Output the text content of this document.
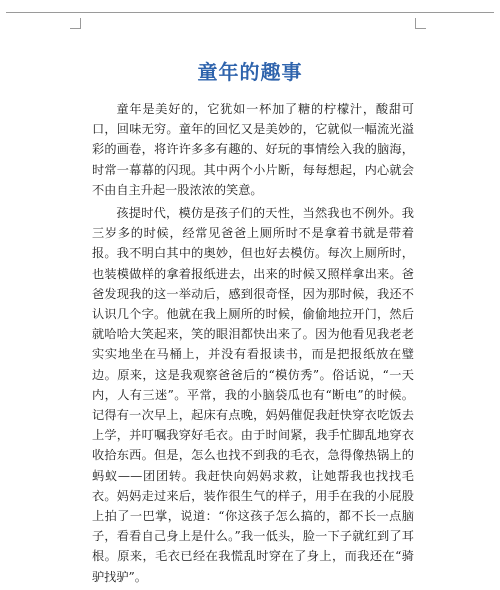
童年的趣事

童年是美好的，它犹如一杯加了糖的柠檬汁，酸甜可口，回味无穷。童年的回忆又是美妙的，它就似一幅流光溢彩的画卷，将许许多多有趣的、好玩的事情绘入我的脑海，时常一幕幕的闪现。其中两个小片断，每每想起，内心就会不由自主升起一股浓浓的笑意。

孩提时代，模仿是孩子们的天性，当然我也不例外。我三岁多的时候，经常见爸爸上厕所时不是拿着书就是带着报。我不明白其中的奥妙，但也好去模仿。每次上厕所时，也装模做样的拿着报纸进去，出来的时候又照样拿出来。爸爸发现我的这一举动后，感到很奇怪，因为那时候，我还不认识几个字。他就在我上厕所的时候，偷偷地拉开门，然后就哈哈大笑起来，笑的眼泪都快出来了。因为他看见我老老实实地坐在马桶上，并没有看报读书，而是把报纸放在璧边。原来，这是我观察爸爸后的“模仿秀”。俗话说，“一天内，人有三迷”。平常，我的小脑袋瓜也有“断电”的时候。记得有一次早上，起床有点晚，妈妈催促我赶快穿衣吃饭去上学，并叮嘱我穿好毛衣。由于时间紧，我手忙脚乱地穿衣收拾东西。但是，怎么也找不到我的毛衣，急得像热锅上的蚂蚁——团团转。我赶快向妈妈求救，让她帮我也找找毛衣。妈妈走过来后，装作很生气的样子，用手在我的小屁股上拍了一巴掌，说道：“你这孩子怎么搞的，都不长一点脑子，看看自己身上是什么。”我一低头，脸一下子就红到了耳根。原来，毛衣已经在我慌乱时穿在了身上，而我还在“骑驴找驴”。
